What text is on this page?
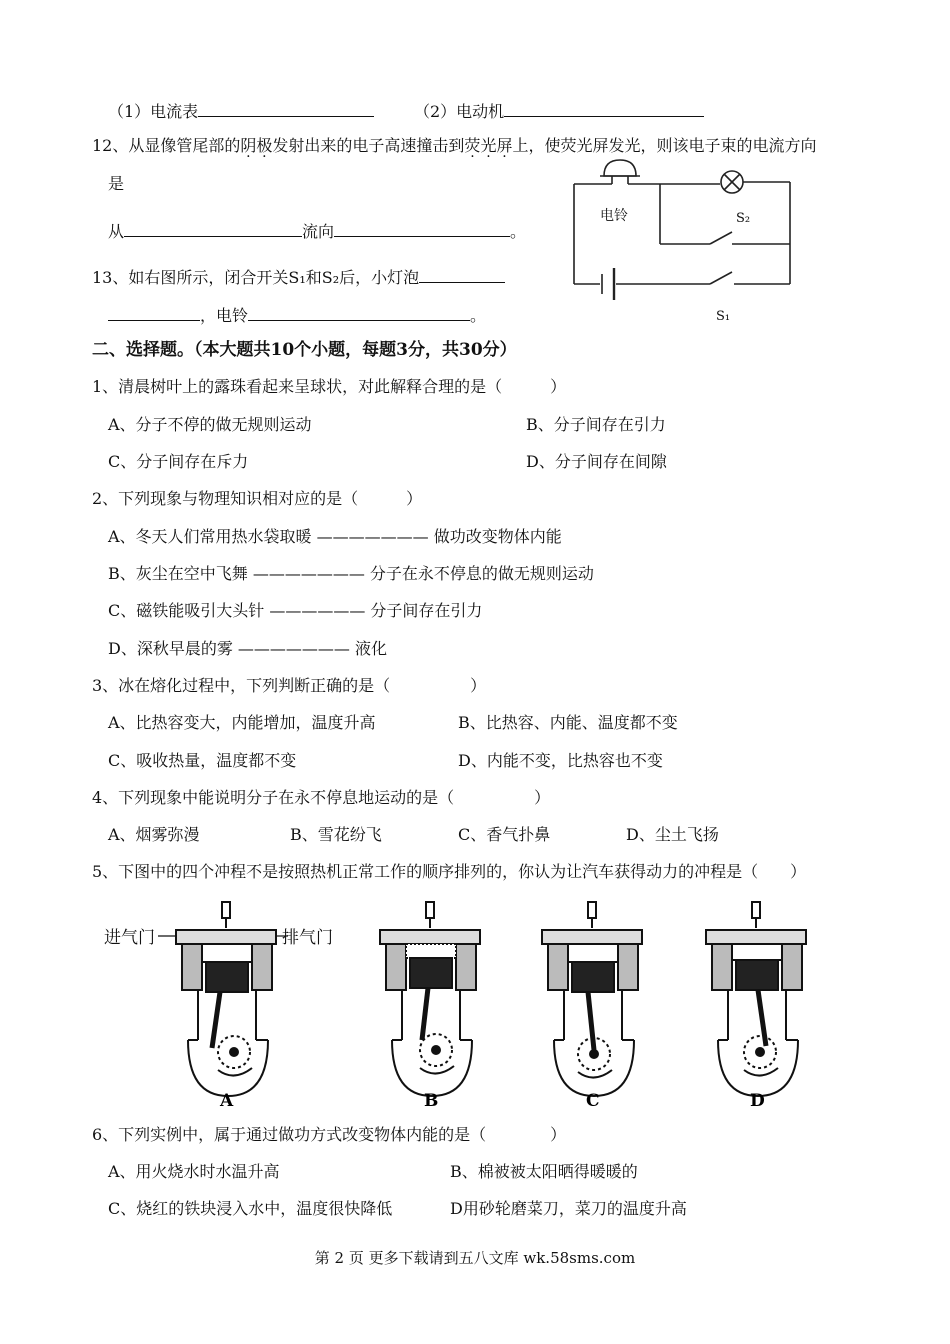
（1）电流表	（2）电动机
12、从显像管尾部的阴极发射出来的电子高速撞击到荧光屏上，使荧光屏发光，则该电子束的电流方向
是
从	流向	。
13、如右图所示，闭合开关S₁和S₂后，小灯泡
，电铃	。
电铃	S₂
S₁
二、选择题。（本大题共10个小题，每题3分，共30分）
1、清晨树叶上的露珠看起来呈球状，对此解释合理的是（　　　）
A、分子不停的做无规则运动	B、分子间存在引力
C、分子间存在斥力	D、分子间存在间隙
2、下列现象与物理知识相对应的是（　　　）
A、冬天人们常用热水袋取暖 ——————— 做功改变物体内能
B、灰尘在空中飞舞 ——————— 分子在永不停息的做无规则运动
C、磁铁能吸引大头针 —————— 分子间存在引力
D、深秋早晨的雾 ——————— 液化
3、冰在熔化过程中，下列判断正确的是（　　　　　）
A、比热容变大，内能增加，温度升高	B、比热容、内能、温度都不变
C、吸收热量，温度都不变	D、内能不变，比热容也不变
4、下列现象中能说明分子在永不停息地运动的是（　　　　　）
A、烟雾弥漫	B、雪花纷飞	C、香气扑鼻	D、尘土飞扬
5、下图中的四个冲程不是按照热机正常工作的顺序排列的，你认为让汽车获得动力的冲程是（　　）
进气门	排气门
A	B	C	D
6、下列实例中，属于通过做功方式改变物体内能的是（　　　　）
A、用火烧水时水温升高	B、棉被被太阳晒得暖暖的
C、烧红的铁块浸入水中，温度很快降低	D用砂轮磨菜刀，菜刀的温度升高
第 2 页 更多下载请到五八文库 wk.58sms.com
